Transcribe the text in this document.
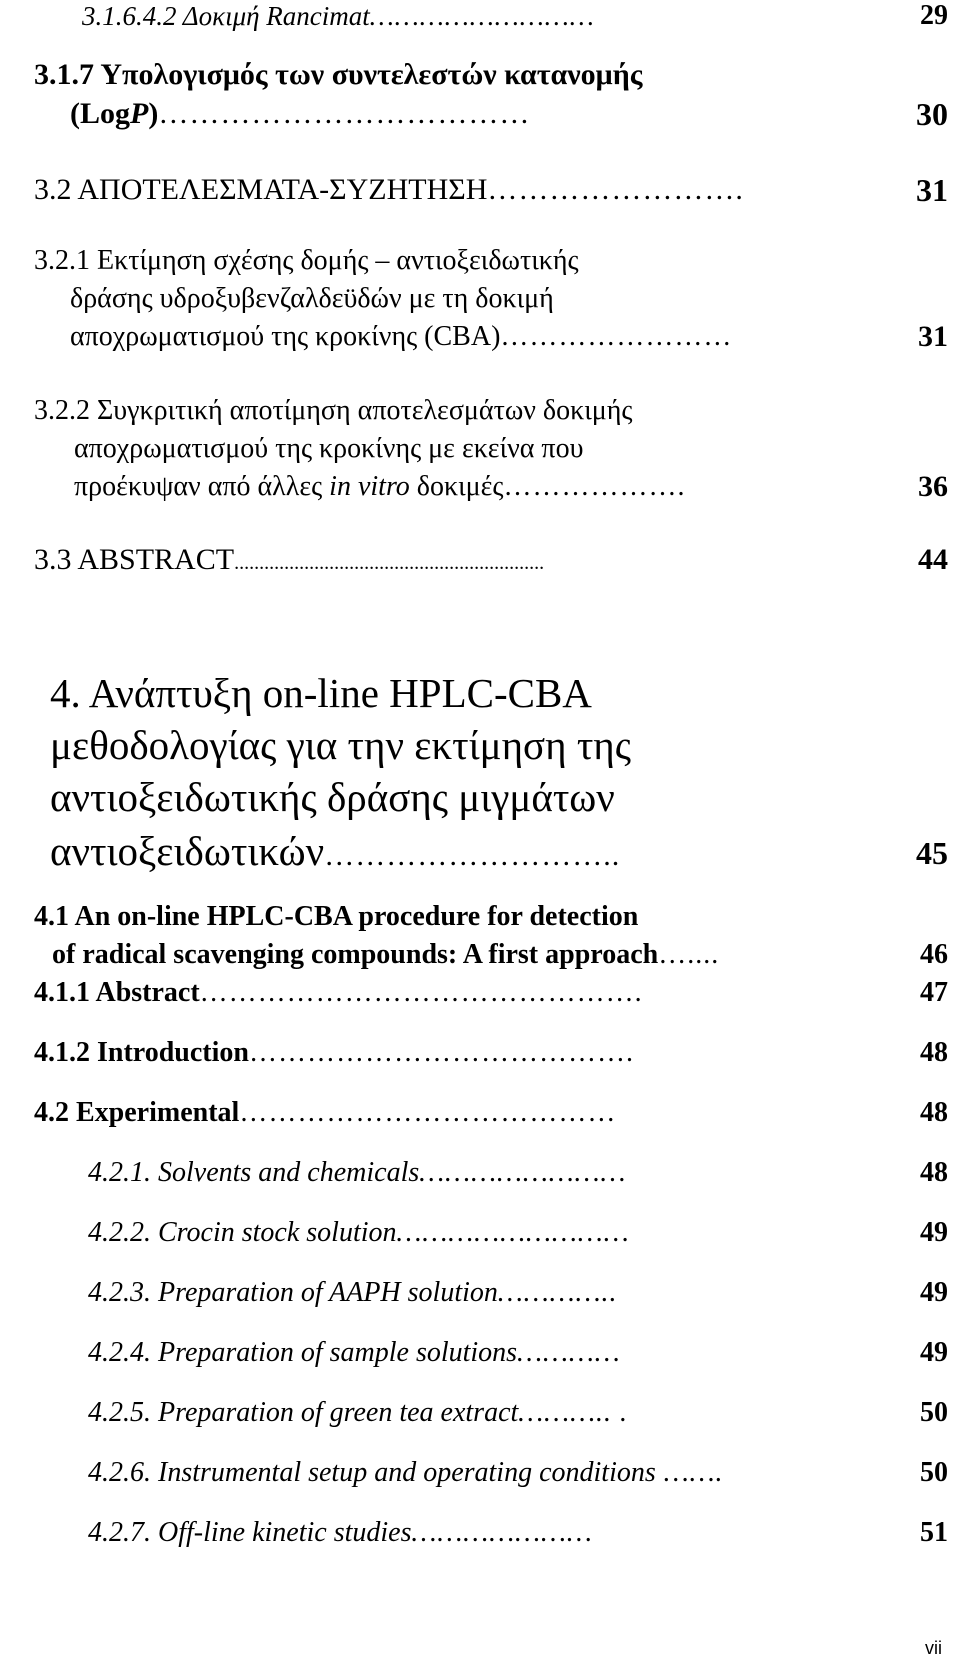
3.1.6.4.2 Δοκιμή Rancimat………………………	29
3.1.7 Υπολογισμός των συντελεστών κατανομής
(LogP)………………………………	30
3.2 ΑΠΟΤΕΛΕΣΜΑΤΑ-ΣΥΖΗΤΗΣΗ…………………….	31
3.2.1 Εκτίμηση σχέσης δομής – αντιοξειδωτικής
δράσης υδροξυβενζαλδεϋδών με τη δοκιμή
αποχρωματισμού της κροκίνης (CBA)……………………	31
3.2.2 Συγκριτική αποτίμηση αποτελεσμάτων δοκιμής
αποχρωματισμού της κροκίνης με εκείνα που
προέκυψαν από άλλες in vitro δοκιμές……………….	36
3.3 ABSTRACT..............................................................	44
4. Ανάπτυξη on-line HPLC-CBA
μεθοδολογίας για την εκτίμηση της
αντιοξειδωτικής δράσης μιγμάτων
αντιοξειδωτικών………………………..	45
4.1 An on-line HPLC-CBA procedure for detection
of radical scavenging compounds: A first approach…....	46
4.1.1 Abstract……………………………………….	47
4.1.2 Introduction………………………………….	48
4.2 Experimental…………………………………	48
4.2.1. Solvents and chemicals……………………	48
4.2.2. Crocin stock solution………………………	49
4.2.3. Preparation of AAPH solution…………..	49
4.2.4. Preparation of sample solutions…………	49
4.2.5. Preparation of green tea extract……….. .	50
4.2.6. Instrumental setup and operating conditions …….	50
4.2.7. Off-line kinetic studies…………………	51
vii
